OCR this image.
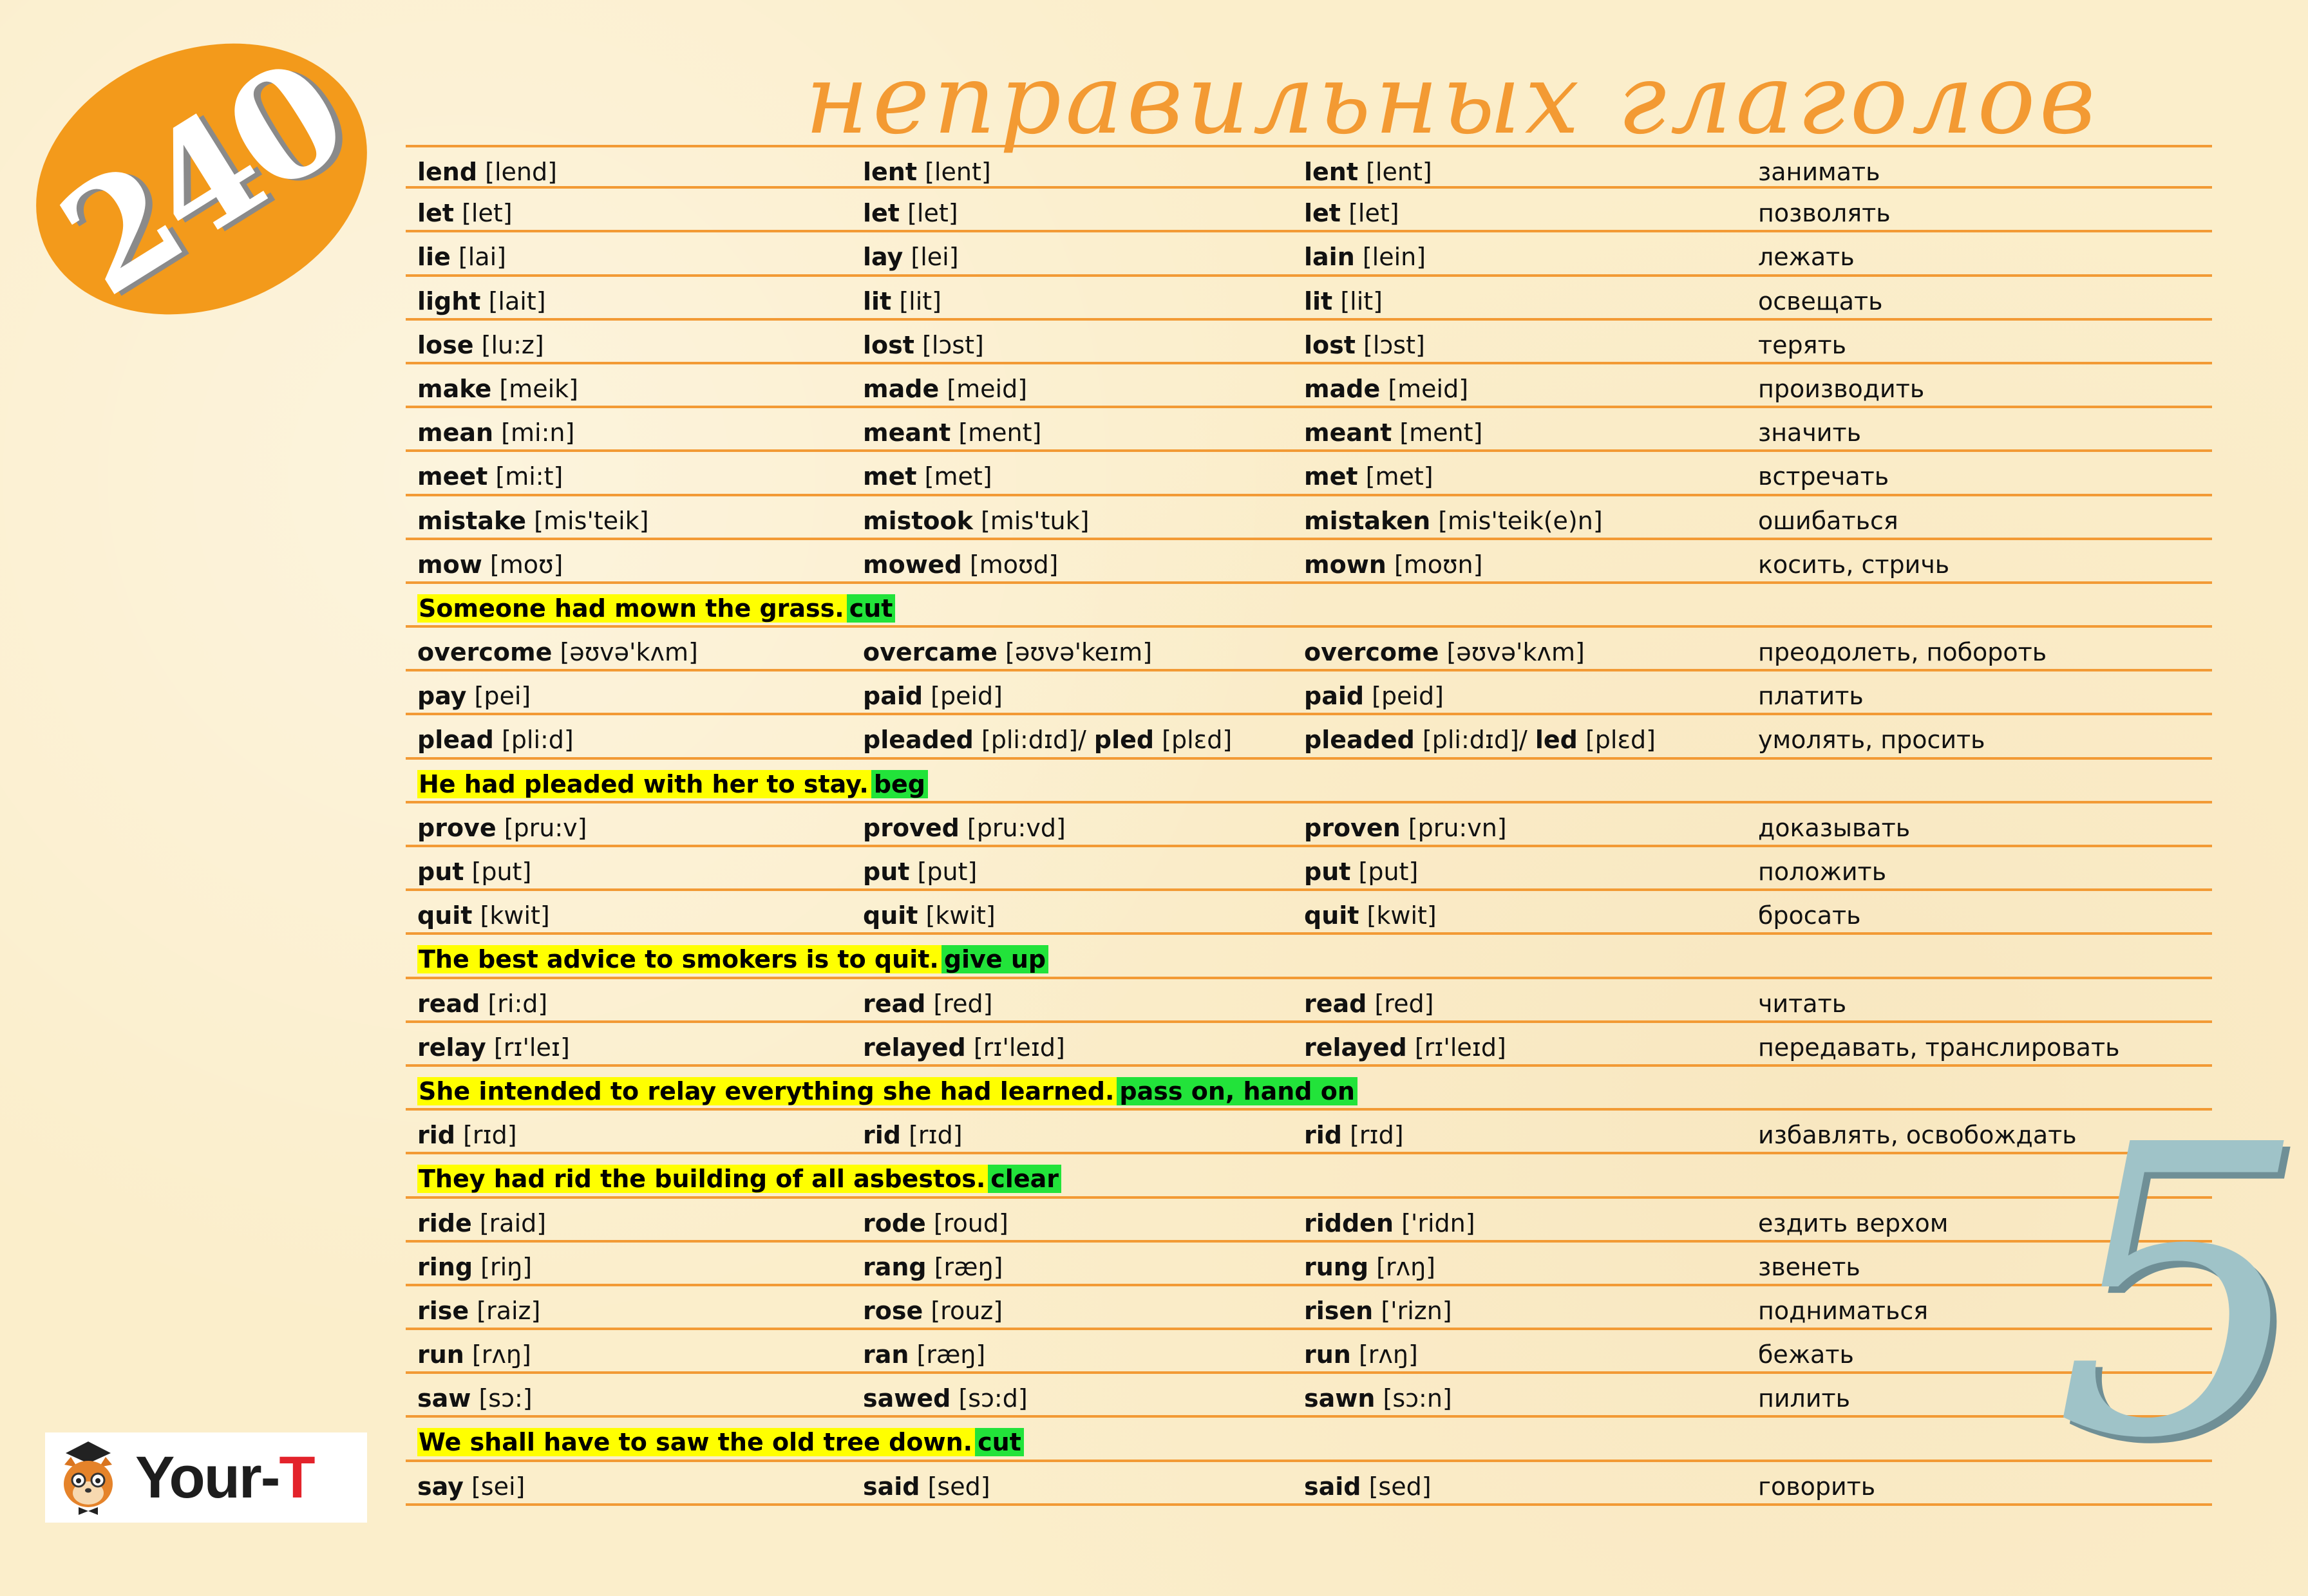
240	неправильных глаголов
lend [lend]	lent [lent]	lent [lent]	занимать
let [let]	let [let]	let [let]	позволять
lie [lai]	lay [lei]	lain [lein]	лежать
light [lait]	lit [lit]	lit [lit]	освещать
lose [lu:z]	lost [lɔst]	lost [lɔst]	терять
make [meik]	made [meid]	made [meid]	производить
mean [mi:n]	meant [ment]	meant [ment]	значить
meet [mi:t]	met [met]	met [met]	встречать
mistake [mis'teik]	mistook [mis'tuk]	mistaken [mis'teik(e)n]	ошибаться
mow [moʊ]	mowed [moʊd]	mown [moʊn]	косить, стричь
Someone had mown the grass. cut
overcome [əʊvə'kʌm]	overcame [əʊvə'keɪm]	overcome [əʊvə'kʌm]	преодолеть, побороть
pay [pei]	paid [peid]	paid [peid]	платить
plead [pli:d]	pleaded [pli:dɪd]/ pled [plɛd]	pleaded [pli:dɪd]/ led [plɛd]	умолять, просить
He had pleaded with her to stay. beg
prove [pru:v]	proved [pru:vd]	proven [pru:vn]	доказывать
put [put]	put [put]	put [put]	положить
quit [kwit]	quit [kwit]	quit [kwit]	бросать
The best advice to smokers is to quit. give up
read [ri:d]	read [red]	read [red]	читать
relay [rɪ'leɪ]	relayed [rɪ'leɪd]	relayed [rɪ'leɪd]	передавать, транслировать
She intended to relay everything she had learned. pass on, hand on
rid [rɪd]	rid [rɪd]	rid [rɪd]	избавлять, освобождать
They had rid the building of all asbestos. clear
ride [raid]	rode [roud]	ridden ['ridn]	ездить верхом
ring [riŋ]	rang [ræŋ]	rung [rʌŋ]	звенеть
rise [raiz]	rose [rouz]	risen ['rizn]	подниматься
run [rʌŋ]	ran [ræŋ]	run [rʌŋ]	бежать
saw [sɔ:]	sawed [sɔ:d]	sawn [sɔ:n]	пилить
We shall have to saw the old tree down. cut
say [sei]	said [sed]	said [sed]	говорить 5
Your-T
